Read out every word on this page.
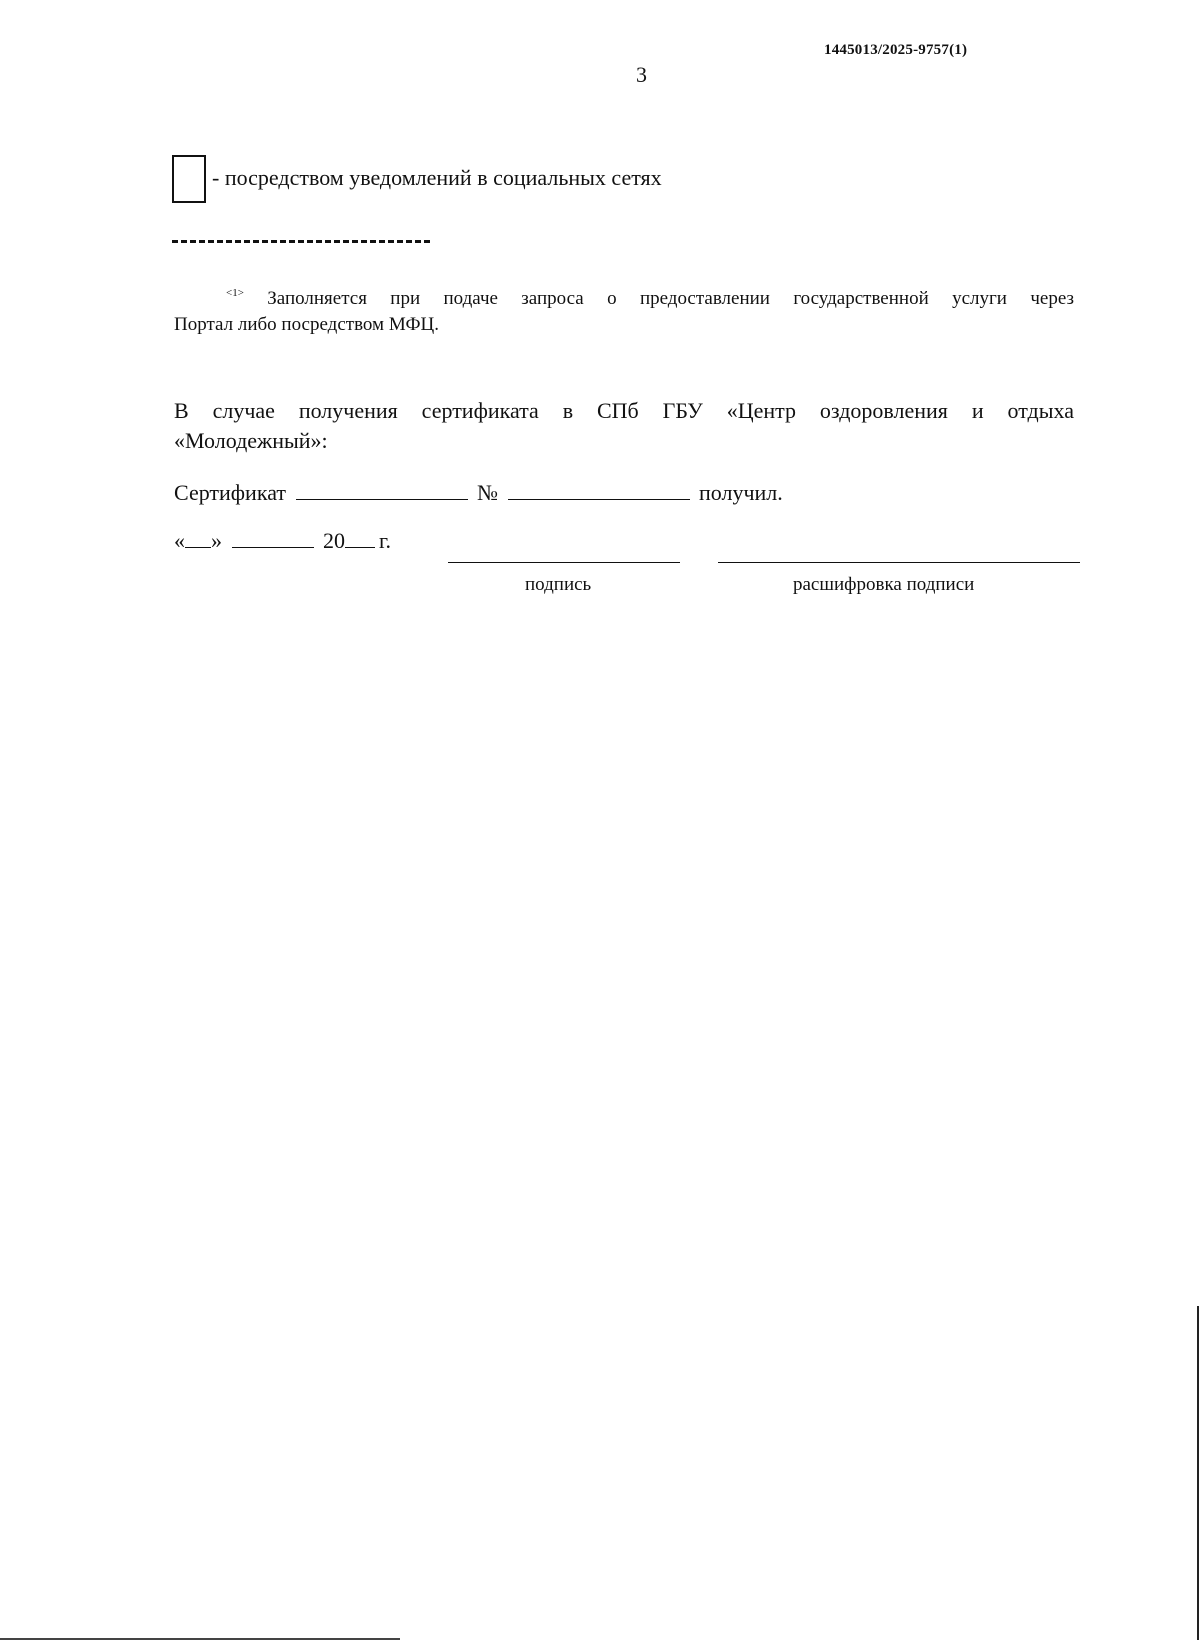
1445013/2025-9757(1)
3
- посредством уведомлений в социальных сетях
$^{<1>}$ Заполняется при подаче запроса о предоставлении государственной услуги через
Портал либо посредством МФЦ.
В случае получения сертификата в СПб ГБУ «Центр оздоровления и отдыха
«Молодежный»:
Сертификат	№	получил.
« »	20 г.
подпись	расшифровка подписи
